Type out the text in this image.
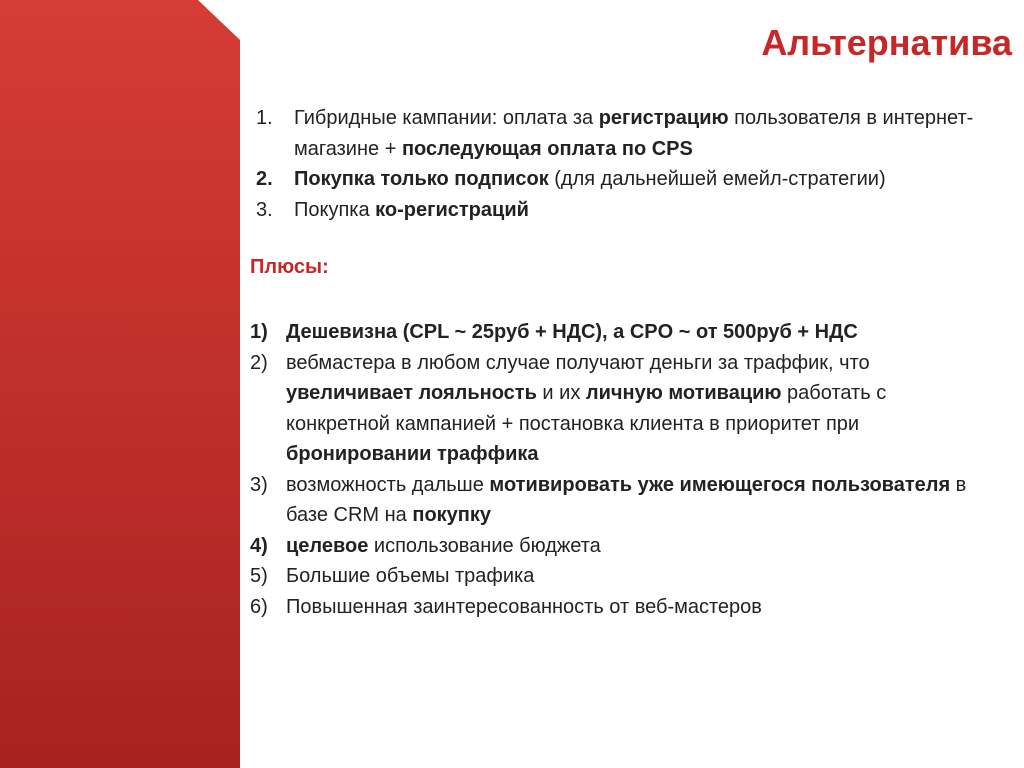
Альтернатива
1.	Гибридные кампании: оплата за регистрацию пользователя в интернет-магазине + последующая оплата по CPS
2.	Покупка только подписок (для дальнейшей емейл-стратегии)
3.	Покупка ко-регистраций
Плюсы:
1) Дешевизна (CPL ~ 25руб + НДС), а CPO ~ от 500руб + НДС
2) вебмастера в любом случае получают деньги за траффик, что увеличивает лояльность и их личную мотивацию работать с конкретной кампанией + постановка клиента в приоритет при бронировании траффика
3) возможность дальше мотивировать уже имеющегося пользователя в базе CRM на покупку
4) целевое использование бюджета
5) Большие объемы трафика
6) Повышенная заинтересованность от веб-мастеров
